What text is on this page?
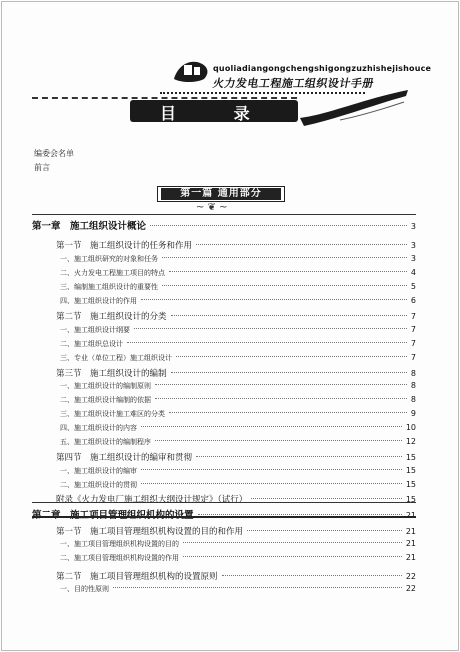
quoliadiangongchengshigongzuzhishejishouce
火力发电工程施工组织设计手册
目 录
编委会名单
前言
第一篇 通用部分
~ ❦ ~
第一章　施工组织设计概论	3
第一节　施工组织设计的任务和作用	3
一、施工组织研究的对象和任务	3
二、火力发电工程施工项目的特点	4
三、编制施工组织设计的重要性	5
四、施工组织设计的作用	6
第二节　施工组织设计的分类	7
一、施工组织设计纲要	7
二、施工组织总设计	7
三、专业（单位工程）施工组织设计	7
第三节　施工组织设计的编制	8
一、施工组织设计的编制原则	8
二、施工组织设计编制的依据	8
三、施工组织设计施工难区的分类	9
四、施工组织设计的内容	10
五、施工组织设计的编制程序	12
第四节　施工组织设计的编审和贯彻	15
一、施工组织设计的编审	15
二、施工组织设计的贯彻	15
附录《火力发电厂施工组织大纲设计规定》（试行）	15
第二章　施工项目管理组织机构的设置	21
第一节　施工项目管理组织机构设置的目的和作用	21
一、施工项目管理组织机构设置的目的	21
二、施工项目管理组织机构设置的作用	21
第二节　施工项目管理组织机构的设置原则	22
一、目的性原则	22
